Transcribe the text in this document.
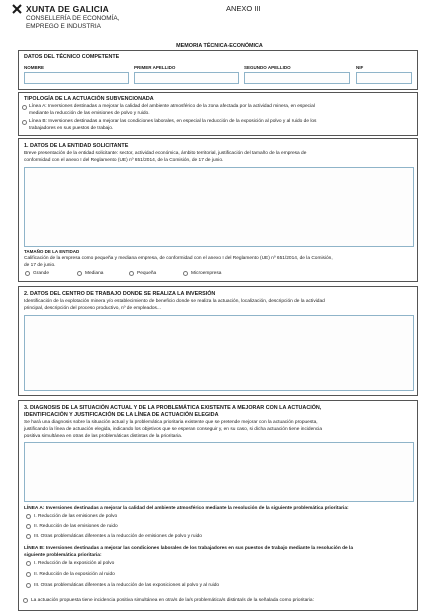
XUNTA DE GALICIA
CONSELLERÍA DE ECONOMÍA,
EMPREGO E INDUSTRIA
ANEXO III
MEMORIA TÉCNICA-ECONÓMICA
DATOS DEL TÉCNICO COMPETENTE
NOMBRE	PRIMER APELLIDO	SEGUNDO APELLIDO	NIF
TIPOLOGÍA DE LA ACTUACIÓN SUBVENCIONADA
Línea A: Inversiones destinadas a mejorar la calidad del ambiente atmosférico de la zona afectada por la actividad minera, en especial
mediante la reducción de las emisiones de polvo y ruido.
Línea B: Inversiones destinadas a mejorar las condiciones laborales, en especial la reducción de la exposición al polvo y al ruido de los
trabajadores en sus puestos de trabajo.
1. DATOS DE LA ENTIDAD SOLICITANTE
Breve presentación de la entidad solicitante: sector, actividad económica, ámbito territorial, justificación del tamaño de la empresa de
conformidad con el anexo I del Reglamento (UE) nº 651/2014, de la Comisión, de 17 de junio.
TAMAÑO DE LA ENTIDAD
Calificación de la empresa como pequeña y mediana empresa, de conformidad con el anexo I del Reglamento (UE) nº 651/2014, de la Comisión,
de 17 de junio.
Grande	Mediana	Pequeña	Microempresa
2. DATOS DEL CENTRO DE TRABAJO DONDE SE REALIZA LA INVERSIÓN
Identificación de la explotación minera y/o establecimiento de beneficio donde se realiza la actuación, localización, descripción de la actividad
principal, descripción del proceso productivo, nº de empleados...
3. DIAGNOSIS DE LA SITUACIÓN ACTUAL Y DE LA PROBLEMÁTICA EXISTENTE A MEJORAR CON LA ACTUACIÓN,
IDENTIFICACIÓN Y JUSTIFICACIÓN DE LA LÍNEA DE ACTUACIÓN ELEGIDA
Se hará una diagnosis sobre la situación actual y la problemática prioritaria existente que se pretende mejorar con la actuación propuesta,
justificando la línea de actuación elegida, indicando los objetivos que se esperan conseguir y, en su caso, si dicha actuación tiene incidencia
positiva simultánea en otras de las problemáticas distintas de la prioritaria.
LÍNEA A: Inversiones destinadas a mejorar la calidad del ambiente atmosférico mediante la resolución de la siguiente problemática prioritaria:
I. Reducción de las emisiones de polvo
II. Reducción de las emisiones de ruido
III. Otras problemáticas diferentes a la reducción de emisiones de polvo y ruido
LÍNEA B: Inversiones destinadas a mejorar las condiciones laborales de los trabajadores en sus puestos de trabajo mediante la resolución de la
siguiente problemática prioritaria:
I. Reducción de la exposición al polvo
II. Reducción de la exposición al ruido
III. Otras problemáticas diferentes a la reducción de las exposiciones al polvo y al ruido
La actuación propuesta tiene incidencia positiva simultánea en otra/s de la/s problemática/s distinta/s de la señalada como prioritaria:
